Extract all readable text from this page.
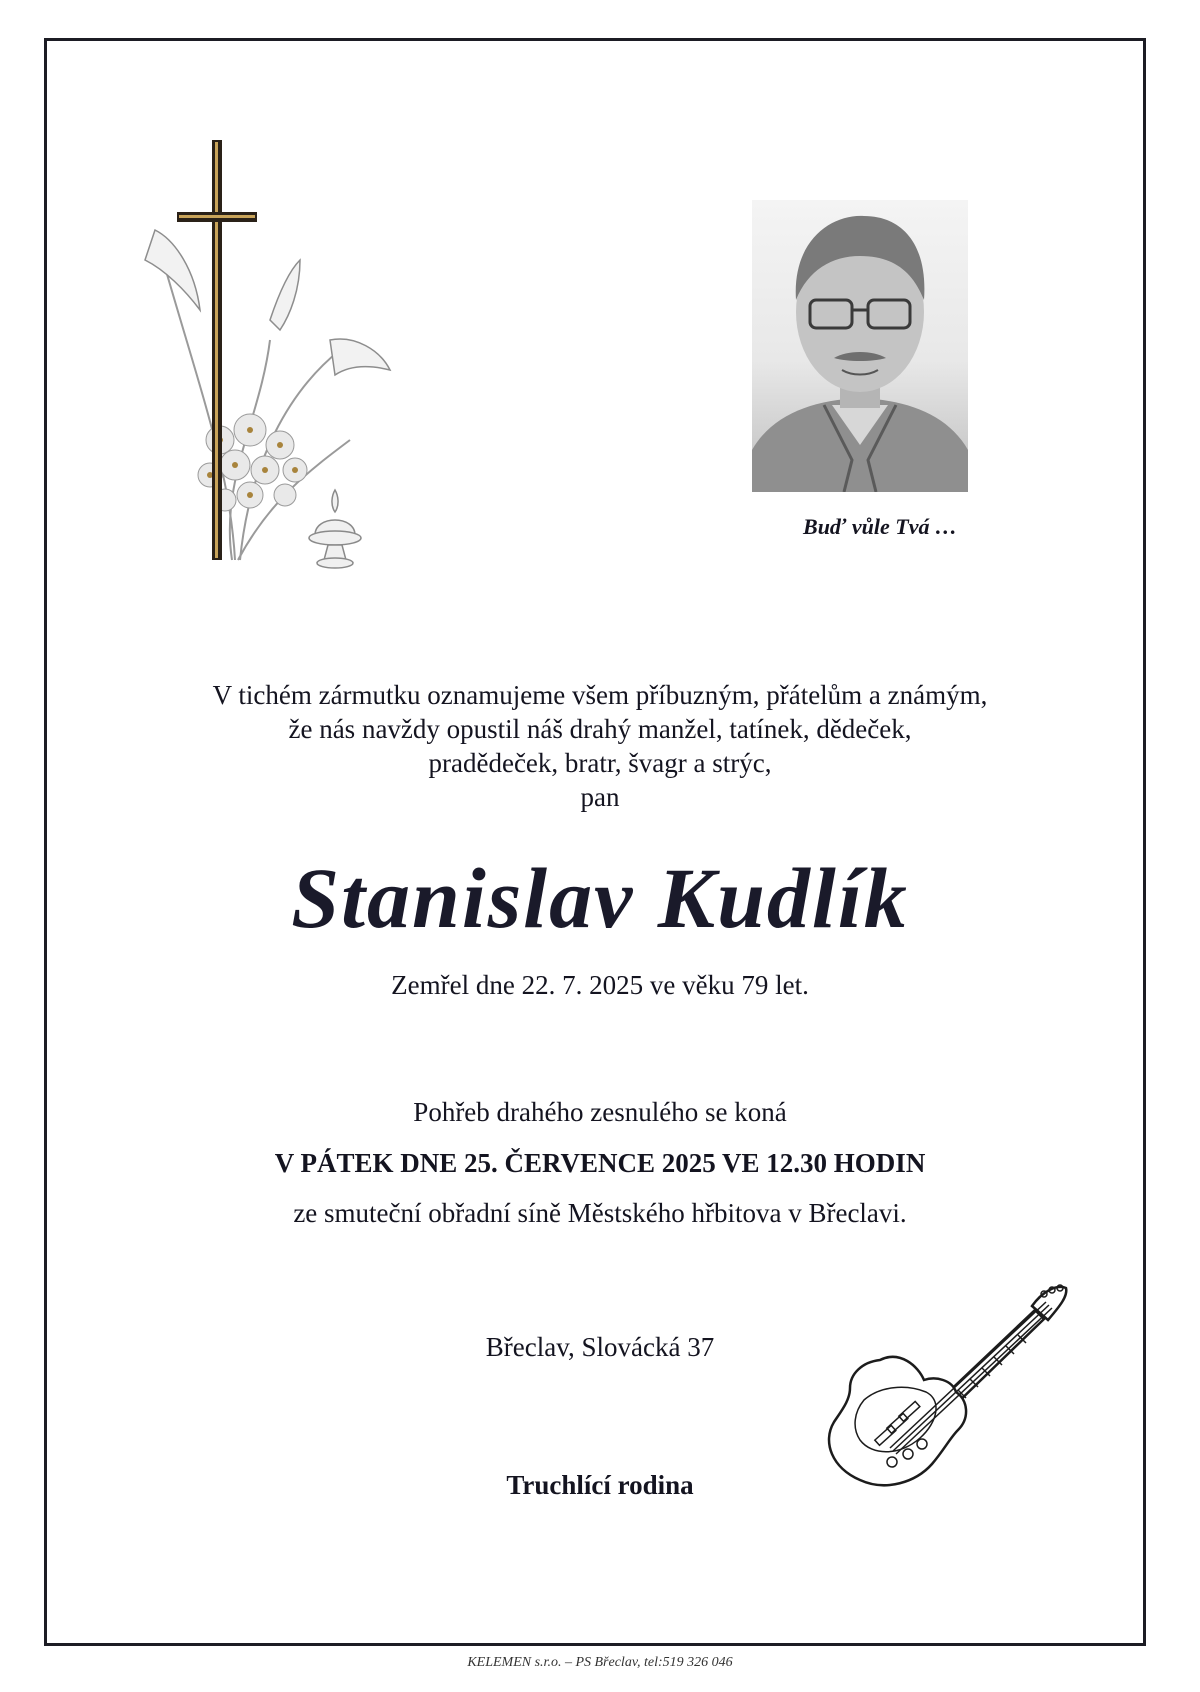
Buď vůle Tvá …
V tichém zármutku oznamujeme všem příbuzným, přátelům a známým,
že nás navždy opustil náš drahý manžel, tatínek, dědeček,
pradědeček, bratr, švagr a strýc,
pan
Stanislav Kudlík
Zemřel dne 22. 7. 2025 ve věku 79 let.
Pohřeb drahého zesnulého se koná
V PÁTEK DNE 25. ČERVENCE 2025 VE 12.30 HODIN
ze smuteční obřadní síně Městského hřbitova v Břeclavi.
Břeclav, Slovácká 37
Truchlící rodina
KELEMEN s.r.o. – PS Břeclav, tel:519 326 046
